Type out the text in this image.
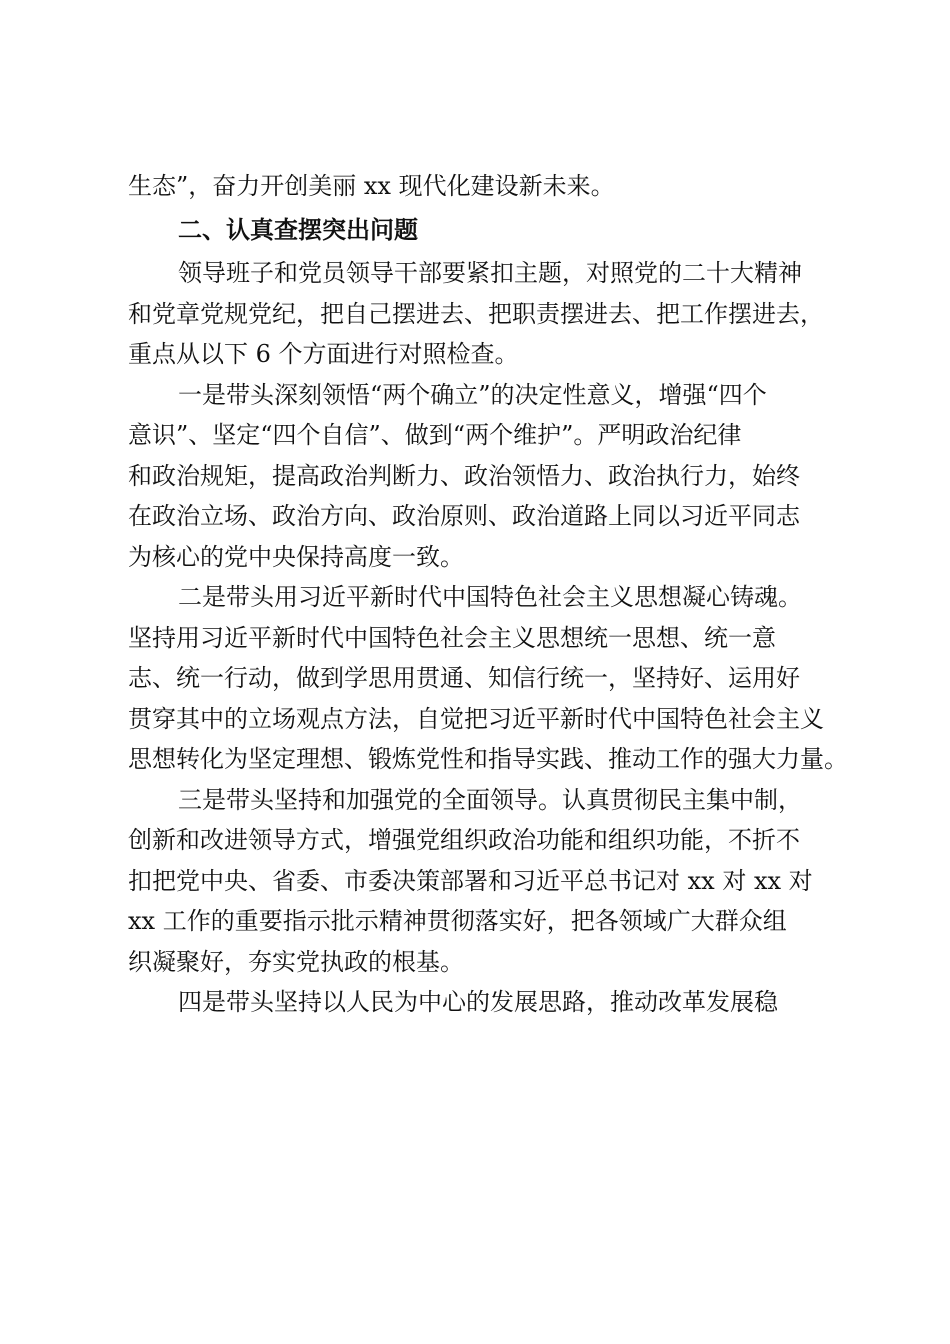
生态”，奋力开创美丽 xx 现代化建设新未来。
二、认真查摆突出问题
领导班子和党员领导干部要紧扣主题，对照党的二十大精神
和党章党规党纪，把自己摆进去、把职责摆进去、把工作摆进去，
重点从以下 6 个方面进行对照检查。
一是带头深刻领悟“两个确立”的决定性意义，增强“四个
意识”、坚定“四个自信”、做到“两个维护”。严明政治纪律
和政治规矩，提高政治判断力、政治领悟力、政治执行力，始终
在政治立场、政治方向、政治原则、政治道路上同以习近平同志
为核心的党中央保持高度一致。
二是带头用习近平新时代中国特色社会主义思想凝心铸魂。
坚持用习近平新时代中国特色社会主义思想统一思想、统一意
志、统一行动，做到学思用贯通、知信行统一，坚持好、运用好
贯穿其中的立场观点方法，自觉把习近平新时代中国特色社会主义
思想转化为坚定理想、锻炼党性和指导实践、推动工作的强大力量。
三是带头坚持和加强党的全面领导。认真贯彻民主集中制，
创新和改进领导方式，增强党组织政治功能和组织功能，不折不
扣把党中央、省委、市委决策部署和习近平总书记对 xx 对 xx 对
xx 工作的重要指示批示精神贯彻落实好，把各领域广大群众组
织凝聚好，夯实党执政的根基。
四是带头坚持以人民为中心的发展思路，推动改革发展稳
